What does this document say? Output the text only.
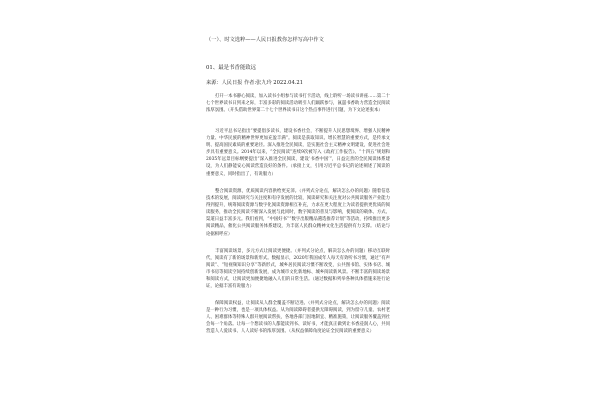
（一）、时文选粹——人民日报教你怎样写高中作文
01、最是书香能致远
来源：人民日报 作者:张九玲 2022.04.21

打开一本书静心阅读，加入读书小组参与读书打卡活动，线上聆听一场读书讲座……第二十七个世界读书日到来之际，丰富多彩的阅读活动吸引人们踊跃参与，氤氲书香助力营造全民阅读浓厚氛围。（开头借助世界第二十七个世界读书日这个热点事件进行引题，为下文论述张本）

习近平总书记指出“要提倡多读书，建设书香社会，不断提升人民思想境界、增强人民精神力量、中华民族的精神世界更加充盈丰满”。阅读是获取知识、增长智慧的重要方式，是传承文明、提高国民素质的重要途径。深入推进全民阅读，是实施社会主义精神文明建设，促进社会进步具有重要意义。2014年以来，“全民阅读”连续9次被写入《政府工作报告》。“十四五”规划和2035年远景目标纲要提出“深入推进全民阅读，建设‘书香中国’”，日益完善的全民阅读体系建设，为人们静能安心阅读营造良好的条件。（承接上文，引用习近平总书记的论述阐述了阅读的重要意义，同时指出了，有说服力）

整合阅读资源，优质阅读内容供给更充沛。（并列式分论点，解决怎么办的问题）随着信息技术的发展，阅读研究与关注度和有序发展的比较，阅读研究和关注度对公共阅读服务产业能力得到提升，统筹阅读资源与数字化阅读资源相互补充，力求在更大程度上为读者提供更优质的阅读服务，推动全民阅读不断深入发展与此同时，数字阅读的普及与影响，使阅读的载体、方式、渠道日益丰富多元。我们看到，“中国好书”“数字出版精品遴选推荐计划”等活动，持续推出更多阅读精品，催化公共阅读服务体系建设，为丰富人民群众精神文化生活提供有力支撑。（结论与论据相呼应）

丰富阅读场景，多元方式让阅读更便捷。（并列式分论点，解决怎么办的问题）移动互联时代，阅读有了新的场景和新形式。数据显示，2020年我国成年人每天有效听书习惯，通过“有声阅读”、“短视频知识分享”等新形式，城乡居民阅读习惯不断改变，公共图书馆、实体书店、城市书房等阅读空间持续创新发展，成为城市文化新地标、城乡阅读新风景。不断丰富的阅读场景和阅读方式，让阅读更加便捷地融入人们的日常生活。（通过数据和列举各种具体措施来进行论证，论据丰富有说服力）

保障阅读权益，让阅读从人群全覆盖不断迈进。（并列式分论点，解决怎么办的问题）阅读是一种行为习惯，也是一项具体权益。从为阅读障碍者提供无障碍阅读，到为留守儿童、农村老人、困难群体等特殊人群开展阅读帮扶，各地各部门因地制宜、精准施策，让阅读服务覆盖到社会每一个角落。让每一个想读书的人都能读到书、读好书，才能真正做到让书香浸润人心，共同营造人人爱读书、人人读好书的浓厚氛围。（从权益保障角度论证全民阅读的重要意义）
